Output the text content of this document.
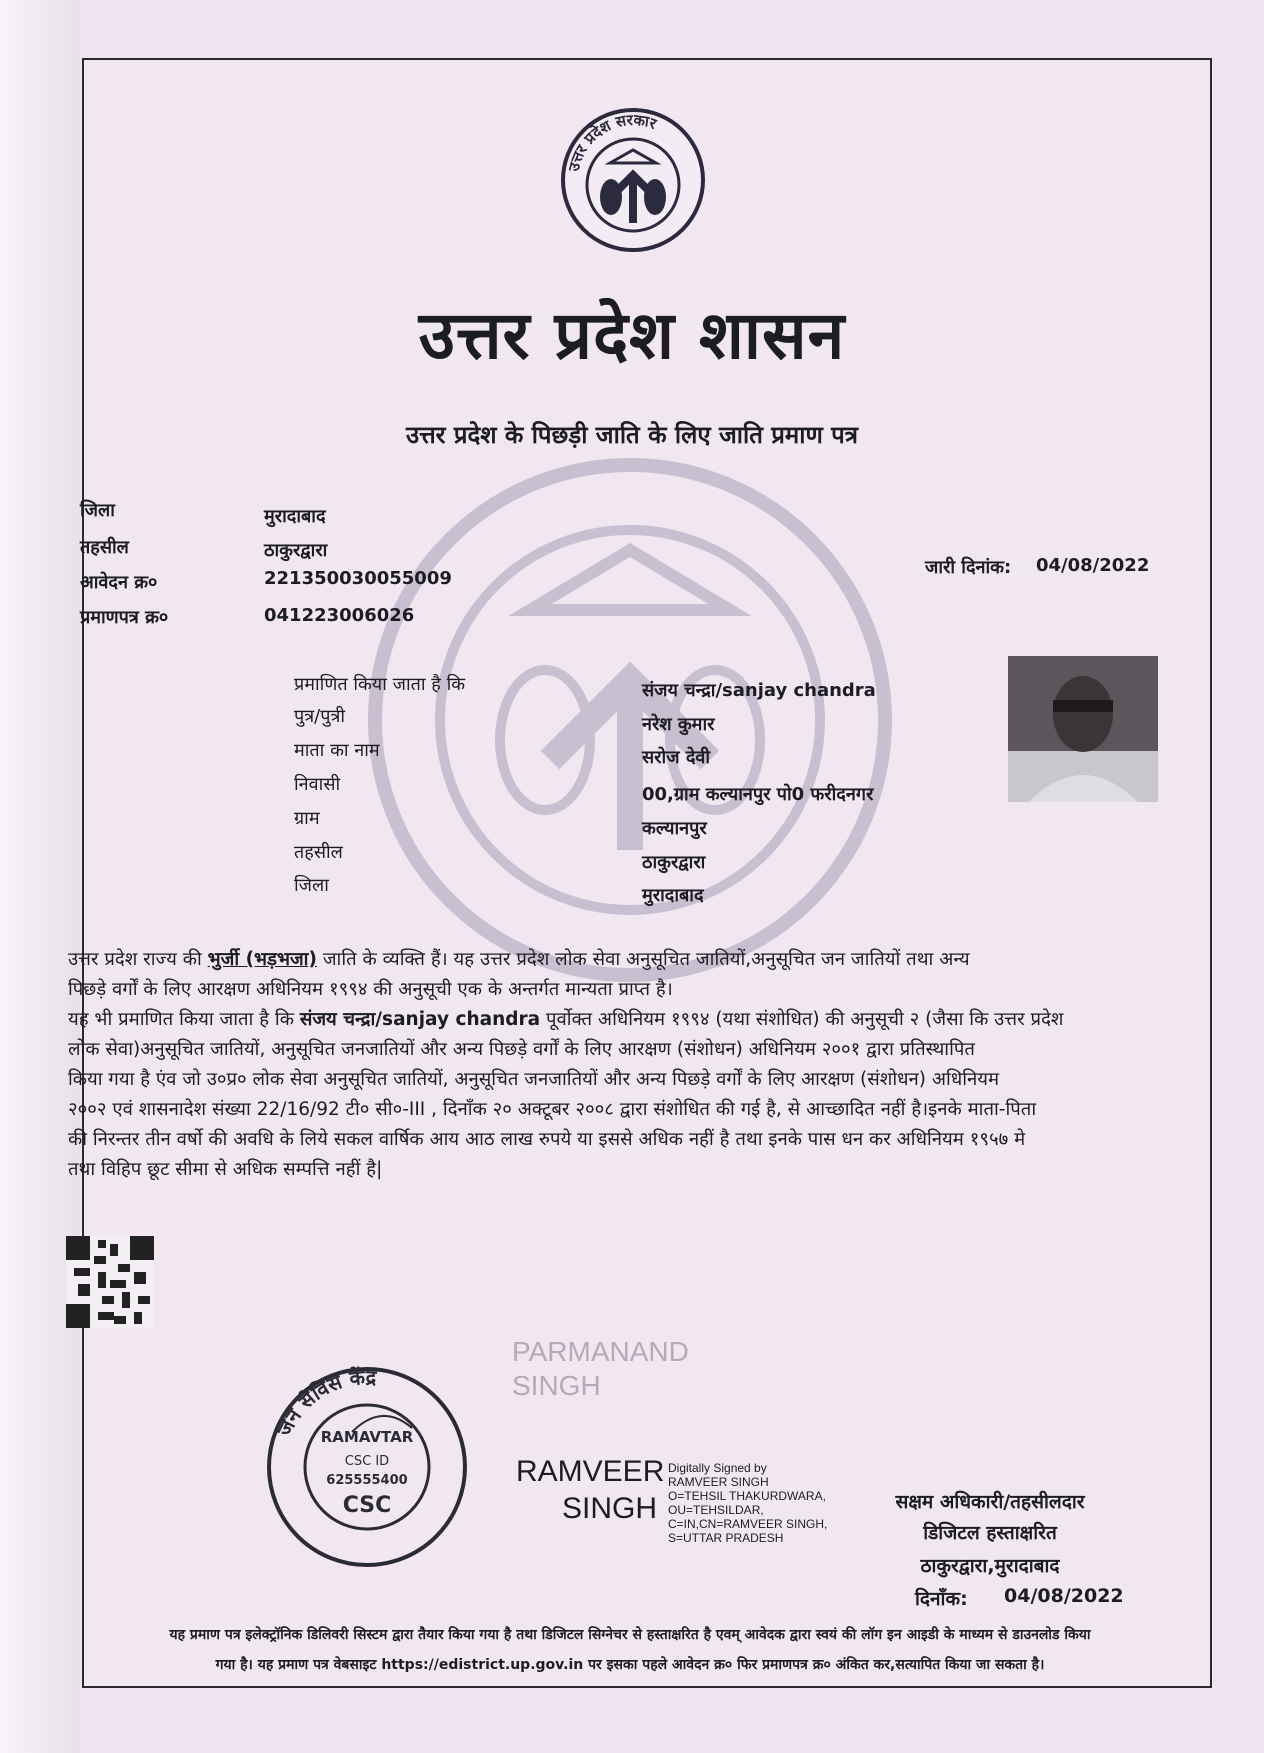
उत्तर प्रदेश सरकार
उत्तर प्रदेश शासन
उत्तर प्रदेश के पिछड़ी जाति के लिए जाति प्रमाण पत्र
जिला	मुरादाबाद
तहसील	ठाकुरद्वारा
आवेदन क्र०	221350030055009
प्रमाणपत्र क्र०	041223006026
जारी दिनांक: 04/08/2022
प्रमाणित किया जाता है कि	संजय चन्द्रा/sanjay chandra
पुत्र/पुत्री	नरेश कुमार
माता का नाम	सरोज देवी
निवासी	00,ग्राम कल्यानपुर पो0 फरीदनगर
ग्राम	कल्यानपुर
तहसील	ठाकुरद्वारा
जिला	मुरादाबाद
उत्तर प्रदेश राज्य की भुर्जी (भड़भजा) जाति के व्यक्ति हैं। यह उत्तर प्रदेश लोक सेवा अनुसूचित जातियों,अनुसूचित जन जातियों तथा अन्य
पिछड़े वर्गों के लिए आरक्षण अधिनियम १९९४ की अनुसूची एक के अन्तर्गत मान्यता प्राप्त है।
यह भी प्रमाणित किया जाता है कि संजय चन्द्रा/sanjay chandra पूर्वोक्त अधिनियम १९९४ (यथा संशोधित) की अनुसूची २ (जैसा कि उत्तर प्रदेश
लोक सेवा)अनुसूचित जातियों, अनुसूचित जनजातियों और अन्य पिछड़े वर्गों के लिए आरक्षण (संशोधन) अधिनियम २००१ द्वारा प्रतिस्थापित
किया गया है एंव जो उ०प्र० लोक सेवा अनुसूचित जातियों, अनुसूचित जनजातियों और अन्य पिछड़े वर्गों के लिए आरक्षण (संशोधन) अधिनियम
२००२ एवं शासनादेश संख्या 22/16/92 टी० सी०-III , दिनाँक २० अक्टूबर २००८ द्वारा संशोधित की गई है, से आच्छादित नहीं है।इनके माता-पिता
की निरन्तर तीन वर्षो की अवधि के लिये सकल वार्षिक आय आठ लाख रुपये या इससे अधिक नहीं है तथा इनके पास धन कर अधिनियम १९५७ मे
तथा विहिप छूट सीमा से अधिक सम्पत्ति नहीं है|
PARMANAND
SINGH
जन सेविस केंद्र
RAMAVTAR
CSC ID
625555400
CSC
RAMVEER
SINGH
Digitally Signed by
RAMVEER SINGH
O=TEHSIL THAKURDWARA,
OU=TEHSILDAR,
C=IN,CN=RAMVEER SINGH,
S=UTTAR PRADESH
सक्षम अधिकारी/तहसीलदार
डिजिटल हस्ताक्षरित
ठाकुरद्वारा,मुरादाबाद
दिनाँक: 04/08/2022
यह प्रमाण पत्र इलेक्ट्रॉनिक डिलिवरी सिस्टम द्वारा तैयार किया गया है तथा डिजिटल सिग्नेचर से हस्ताक्षरित है एवम् आवेदक द्वारा स्वयं की लॉग इन आइडी के माध्यम से डाउनलोड किया
गया है। यह प्रमाण पत्र वेबसाइट https://edistrict.up.gov.in पर इसका पहले आवेदन क्र० फिर प्रमाणपत्र क्र० अंकित कर,सत्यापित किया जा सकता है।
